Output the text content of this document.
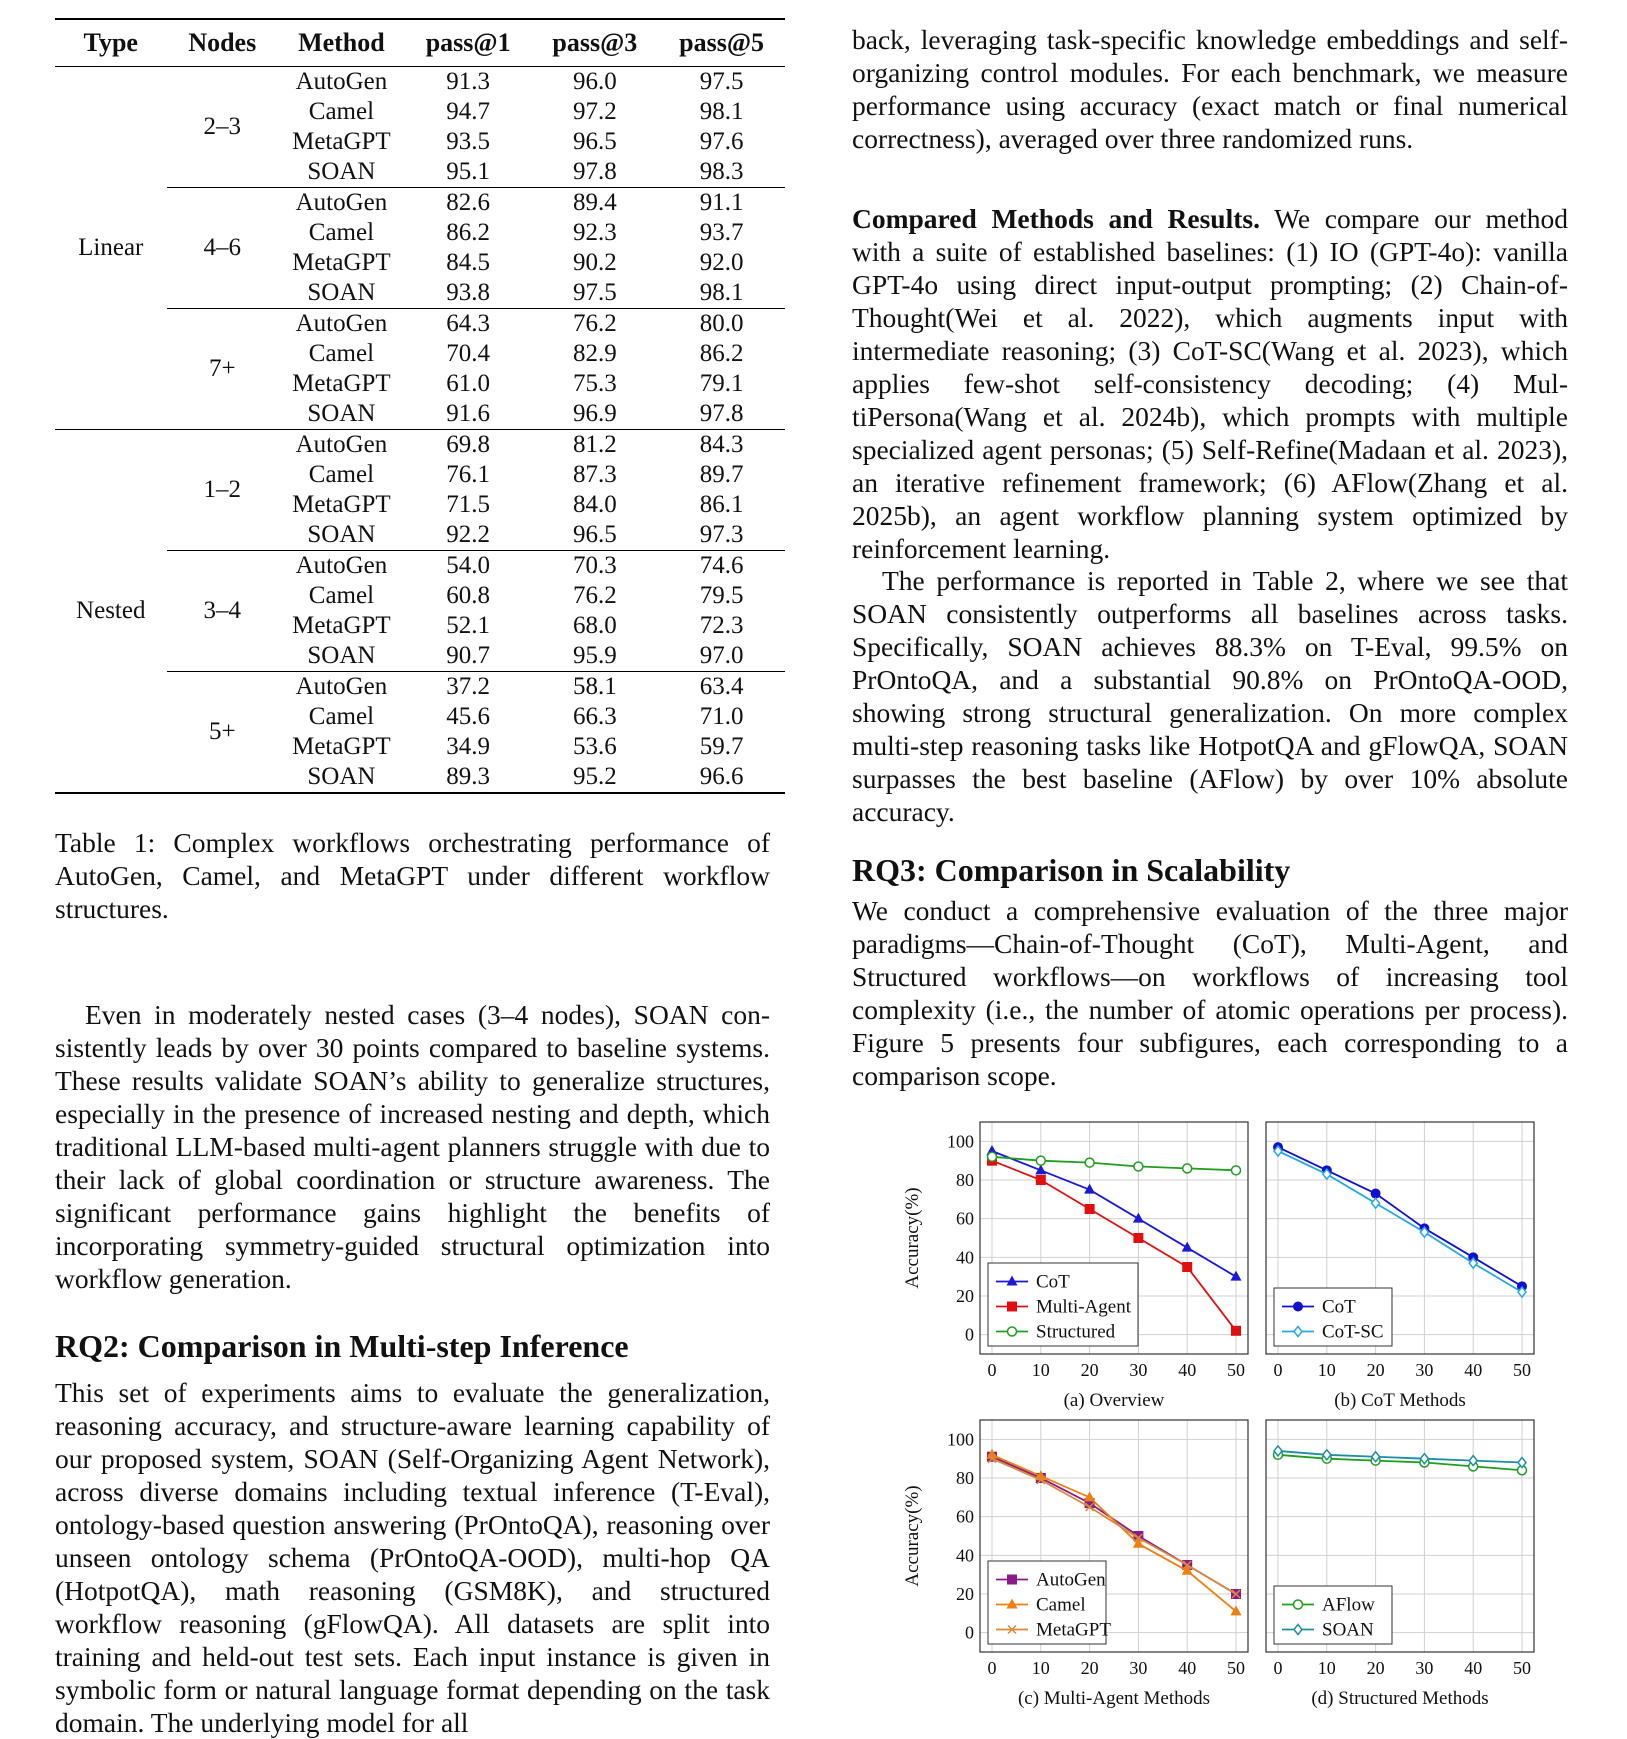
Type	Nodes	Method	pass@1	pass@3	pass@5
Linear	2–3	AutoGen	91.3	96.0	97.5
		Camel	94.7	97.2	98.1
		MetaGPT	93.5	96.5	97.6
		SOAN	95.1	97.8	98.3
	4–6	AutoGen	82.6	89.4	91.1
		Camel	86.2	92.3	93.7
		MetaGPT	84.5	90.2	92.0
		SOAN	93.8	97.5	98.1
	7+	AutoGen	64.3	76.2	80.0
		Camel	70.4	82.9	86.2
		MetaGPT	61.0	75.3	79.1
		SOAN	91.6	96.9	97.8
Nested	1–2	AutoGen	69.8	81.2	84.3
		Camel	76.1	87.3	89.7
		MetaGPT	71.5	84.0	86.1
		SOAN	92.2	96.5	97.3
	3–4	AutoGen	54.0	70.3	74.6
		Camel	60.8	76.2	79.5
		MetaGPT	52.1	68.0	72.3
		SOAN	90.7	95.9	97.0
	5+	AutoGen	37.2	58.1	63.4
		Camel	45.6	66.3	71.0
		MetaGPT	34.9	53.6	59.7
		SOAN	89.3	95.2	96.6
Table 1: Complex workflows orchestrating performance of AutoGen, Camel, and MetaGPT under different workflow structures.

Even in moderately nested cases (3–4 nodes), SOAN consistently leads by over 30 points compared to baseline systems. These results validate SOAN’s ability to generalize structures, especially in the presence of increased nesting and depth, which traditional LLM-based multi-agent planners struggle with due to their lack of global coordination or structure awareness. The significant performance gains highlight the benefits of incorporating symmetry-guided structural optimization into workflow generation.

RQ2: Comparison in Multi-step Inference

This set of experiments aims to evaluate the generalization, reasoning accuracy, and structure-aware learning capability of our proposed system, SOAN (Self-Organizing Agent Network), across diverse domains including textual inference (T-Eval), ontology-based question answering (PrOntoQA), reasoning over unseen ontology schema (PrOntoQA-OOD), multi-hop QA (HotpotQA), math reasoning (GSM8K), and structured workflow reasoning (gFlowQA). All datasets are split into training and held-out test sets. Each input instance is given in symbolic form or natural language format depending on the task domain. The underlying model for all

back, leveraging task-specific knowledge embeddings and self-organizing control modules. For each benchmark, we measure performance using accuracy (exact match or final numerical correctness), averaged over three randomized runs.

Compared Methods and Results. We compare our method with a suite of established baselines: (1) IO (GPT-4o): vanilla GPT-4o using direct input-output prompting; (2) Chain-of-Thought(Wei et al. 2022), which augments input with intermediate reasoning; (3) CoT-SC(Wang et al. 2023), which applies few-shot self-consistency decoding; (4) MultiPersona(Wang et al. 2024b), which prompts with multiple specialized agent personas; (5) Self-Refine(Madaan et al. 2023), an iterative refinement framework; (6) AFlow(Zhang et al. 2025b), an agent workflow planning system optimized by reinforcement learning.

The performance is reported in Table 2, where we see that SOAN consistently outperforms all baselines across tasks. Specifically, SOAN achieves 88.3% on T-Eval, 99.5% on PrOntoQA, and a substantial 90.8% on PrOntoQA-OOD, showing strong structural generalization. On more complex multi-step reasoning tasks like HotpotQA and gFlowQA, SOAN surpasses the best baseline (AFlow) by over 10% absolute accuracy.

RQ3: Comparison in Scalability

We conduct a comprehensive evaluation of the three major paradigms—Chain-of-Thought (CoT), Multi-Agent, and Structured workflows—on workflows of increasing tool complexity (i.e., the number of atomic operations per process). Figure 5 presents four subfigures, each corresponding to a comparison scope.

0 10 20 30 40 50
0
20
40
60
80
100
Accuracy(%)
(a) Overview
CoT
Multi-Agent
Structured
0 10 20 30 40 50
(b) CoT Methods
CoT
CoT-SC
0 10 20 30 40 50
0
20
40
60
80
100
Accuracy(%)
(c) Multi-Agent Methods
AutoGen
Camel
MetaGPT
0 10 20 30 40 50
(d) Structured Methods
AFlow
SOAN
